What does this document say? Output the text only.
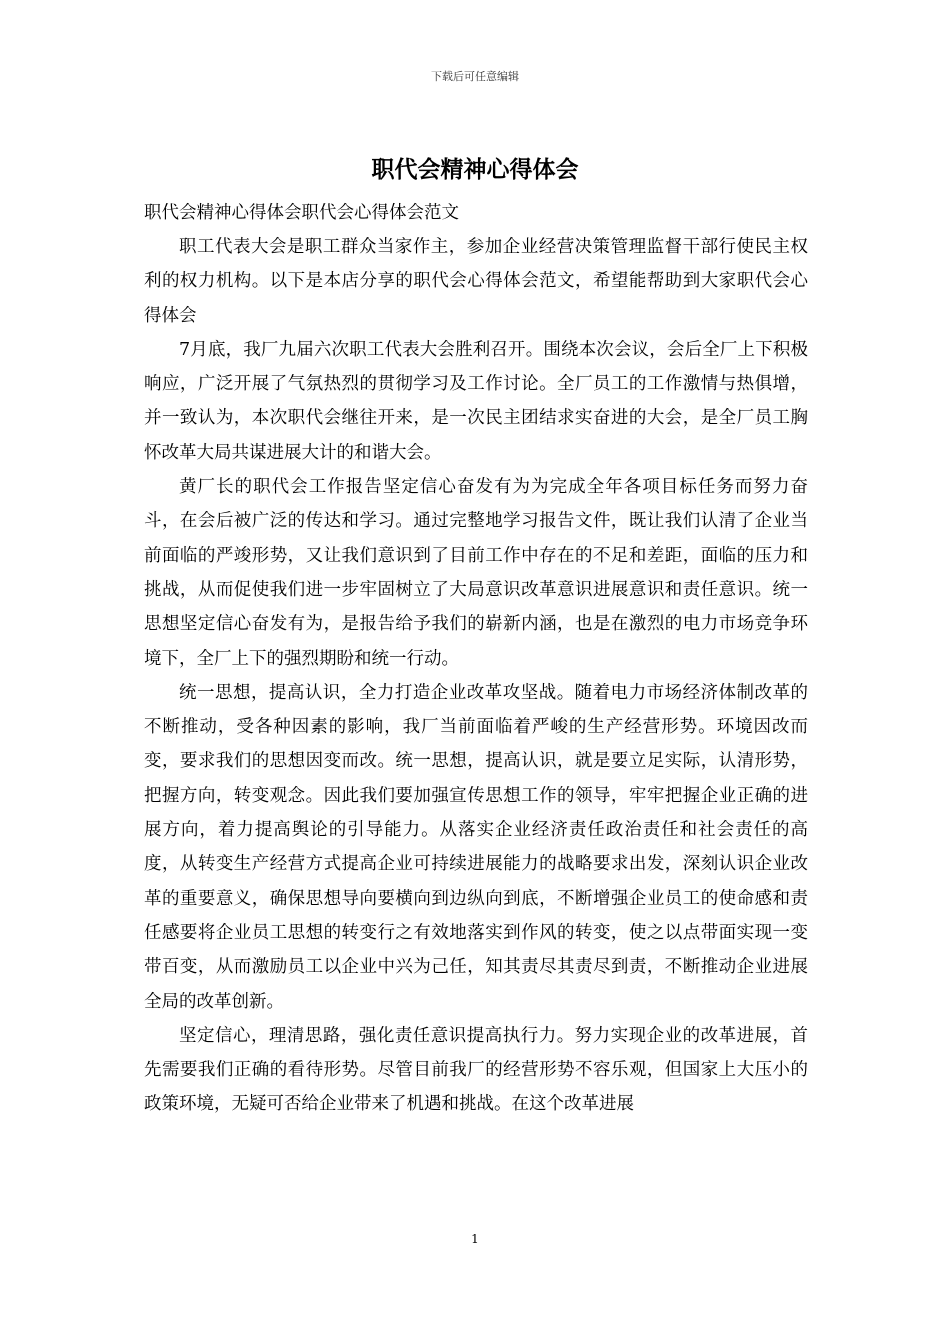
下载后可任意编辑
职代会精神心得体会

职代会精神心得体会职代会心得体会范文

职工代表大会是职工群众当家作主，参加企业经营决策管理监督干部行使民主权利的权力机构。以下是本店分享的职代会心得体会范文，希望能帮助到大家职代会心得体会

7月底，我厂九届六次职工代表大会胜利召开。围绕本次会议，会后全厂上下积极响应，广泛开展了气氛热烈的贯彻学习及工作讨论。全厂员工的工作激情与热俱增，并一致认为，本次职代会继往开来，是一次民主团结求实奋进的大会，是全厂员工胸怀改革大局共谋进展大计的和谐大会。

黄厂长的职代会工作报告坚定信心奋发有为为完成全年各项目标任务而努力奋斗，在会后被广泛的传达和学习。通过完整地学习报告文件，既让我们认清了企业当前面临的严竣形势，又让我们意识到了目前工作中存在的不足和差距，面临的压力和挑战，从而促使我们进一步牢固树立了大局意识改革意识进展意识和责任意识。统一思想坚定信心奋发有为，是报告给予我们的崭新内涵，也是在激烈的电力市场竞争环境下，全厂上下的强烈期盼和统一行动。

统一思想，提高认识，全力打造企业改革攻坚战。随着电力市场经济体制改革的不断推动，受各种因素的影响，我厂当前面临着严峻的生产经营形势。环境因改而变，要求我们的思想因变而改。统一思想，提高认识，就是要立足实际，认清形势，把握方向，转变观念。因此我们要加强宣传思想工作的领导，牢牢把握企业正确的进展方向，着力提高舆论的引导能力。从落实企业经济责任政治责任和社会责任的高度，从转变生产经营方式提高企业可持续进展能力的战略要求出发，深刻认识企业改革的重要意义，确保思想导向要横向到边纵向到底，不断增强企业员工的使命感和责任感要将企业员工思想的转变行之有效地落实到作风的转变，使之以点带面实现一变带百变，从而激励员工以企业中兴为己任，知其责尽其责尽到责，不断推动企业进展全局的改革创新。

坚定信心，理清思路，强化责任意识提高执行力。努力实现企业的改革进展，首先需要我们正确的看待形势。尽管目前我厂的经营形势不容乐观，但国家上大压小的政策环境，无疑可否给企业带来了机遇和挑战。在这个改革进展

1
